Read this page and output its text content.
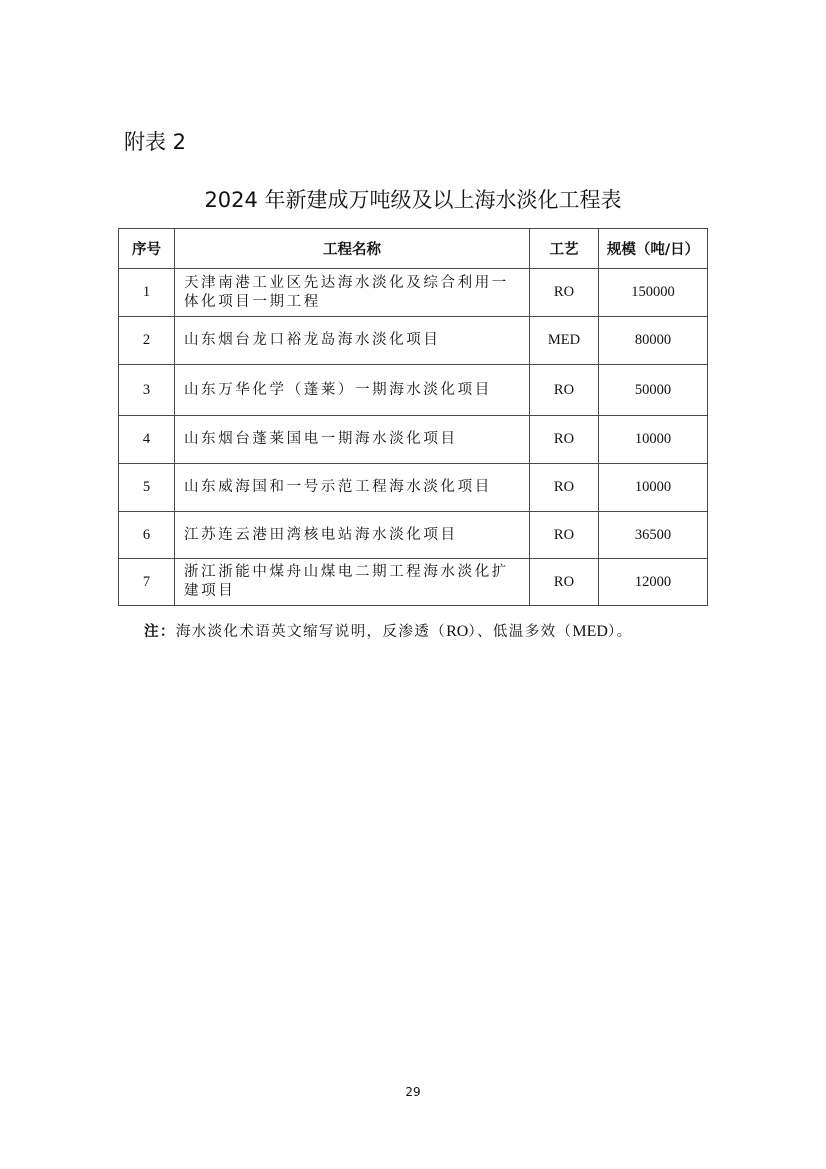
附表 2
2024 年新建成万吨级及以上海水淡化工程表
序号	工程名称	工艺	规模（吨/日）
1	天津南港工业区先达海水淡化及综合利用一体化项目一期工程	RO	150000
2	山东烟台龙口裕龙岛海水淡化项目	MED	80000
3	山东万华化学（蓬莱）一期海水淡化项目	RO	50000
4	山东烟台蓬莱国电一期海水淡化项目	RO	10000
5	山东威海国和一号示范工程海水淡化项目	RO	10000
6	江苏连云港田湾核电站海水淡化项目	RO	36500
7	浙江浙能中煤舟山煤电二期工程海水淡化扩建项目	RO	12000
注：海水淡化术语英文缩写说明，反渗透（RO）、低温多效（MED）。
29
